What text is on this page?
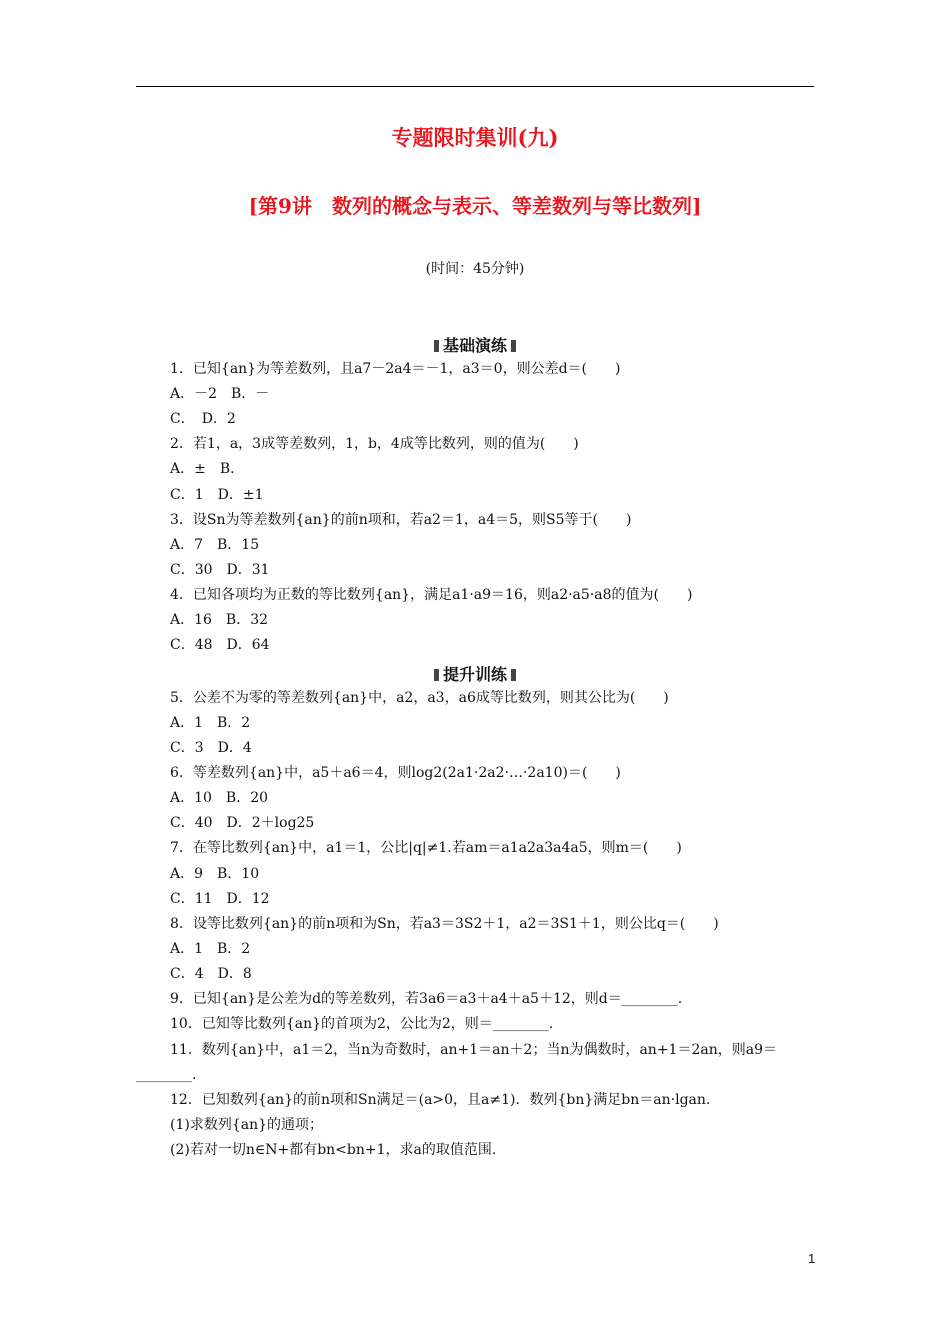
专题限时集训(九)
[第9讲　数列的概念与表示、等差数列与等比数列]
(时间：45分钟)
基础演练
1．已知{an}为等差数列，且a7－2a4＝－1，a3＝0，则公差d＝(　　)
A．－2　B．－
C．　D．2
2．若1，a，3成等差数列，1，b，4成等比数列，则的值为(　　)
A．±　B．
C．1　D．±1
3．设Sn为等差数列{an}的前n项和，若a2＝1，a4＝5，则S5等于(　　)
A．7　B．15
C．30　D．31
4．已知各项均为正数的等比数列{an}，满足a1·a9＝16，则a2·a5·a8的值为(　　)
A．16　B．32
C．48　D．64
提升训练
5．公差不为零的等差数列{an}中，a2，a3，a6成等比数列，则其公比为(　　)
A．1　B．2
C．3　D．4
6．等差数列{an}中，a5＋a6＝4，则log2(2a1·2a2·…·2a10)＝(　　)
A．10　B．20
C．40　D．2＋log25
7．在等比数列{an}中，a1＝1，公比|q|≠1.若am＝a1a2a3a4a5，则m＝(　　)
A．9　B．10
C．11　D．12
8．设等比数列{an}的前n项和为Sn，若a3＝3S2＋1，a2＝3S1＋1，则公比q＝(　　)
A．1　B．2
C．4　D．8
9．已知{an}是公差为d的等差数列，若3a6＝a3＋a4＋a5＋12，则d＝________.
10．已知等比数列{an}的首项为2，公比为2，则＝________.
11．数列{an}中，a1＝2，当n为奇数时，an+1＝an＋2；当n为偶数时，an+1＝2an，则a9＝
________.
12．已知数列{an}的前n项和Sn满足＝(a>0，且a≠1)．数列{bn}满足bn＝an·lgan.
(1)求数列{an}的通项；
(2)若对一切n∈N+都有bn<bn+1，求a的取值范围.
1
